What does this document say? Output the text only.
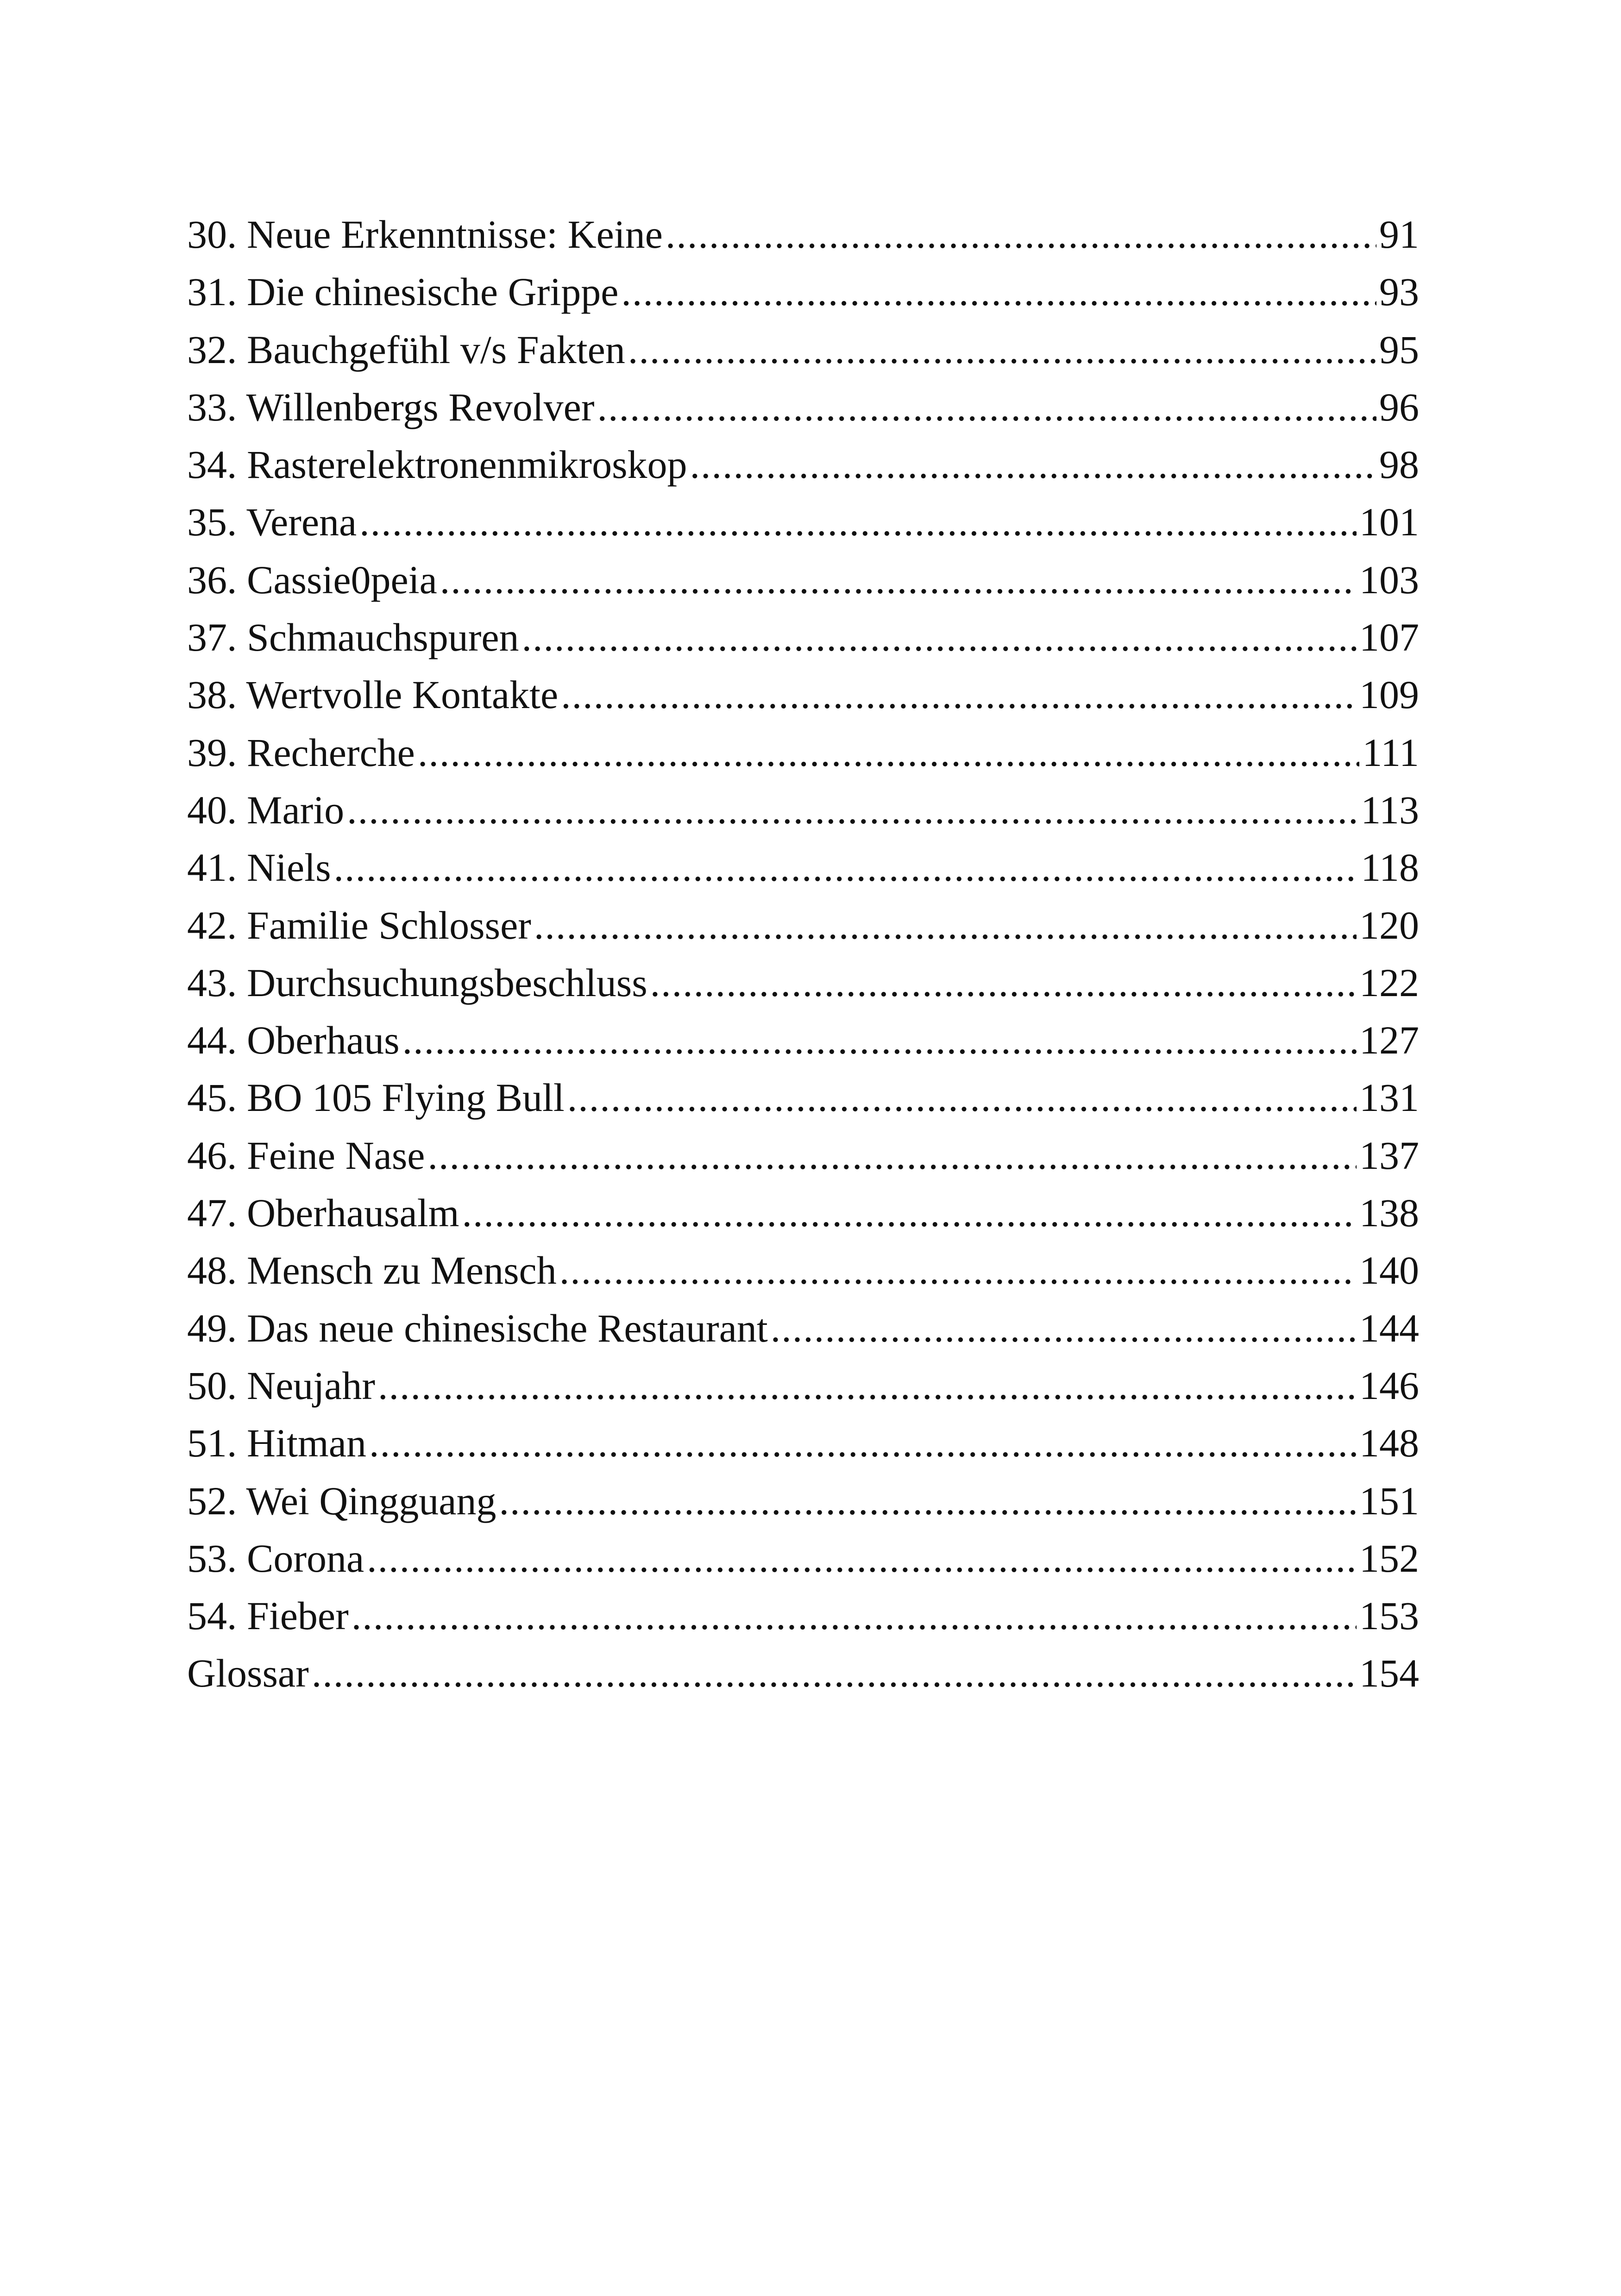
30. Neue Erkenntnisse: Keine .....	91
31. Die chinesische Grippe .....	93
32. Bauchgefühl v/s Fakten .....	95
33. Willenbergs Revolver .....	96
34. Rasterelektronenmikroskop .....	98
35. Verena .....	101
36. Cassie0peia .....	103
37. Schmauchspuren .....	107
38. Wertvolle Kontakte .....	109
39. Recherche .....	111
40. Mario .....	113
41. Niels .....	118
42. Familie Schlosser .....	120
43. Durchsuchungsbeschluss .....	122
44. Oberhaus .....	127
45. BO 105 Flying Bull .....	131
46. Feine Nase .....	137
47. Oberhausalm .....	138
48. Mensch zu Mensch .....	140
49. Das neue chinesische Restaurant .....	144
50. Neujahr .....	146
51. Hitman .....	148
52. Wei Qingguang .....	151
53. Corona .....	152
54. Fieber .....	153
Glossar .....	154
